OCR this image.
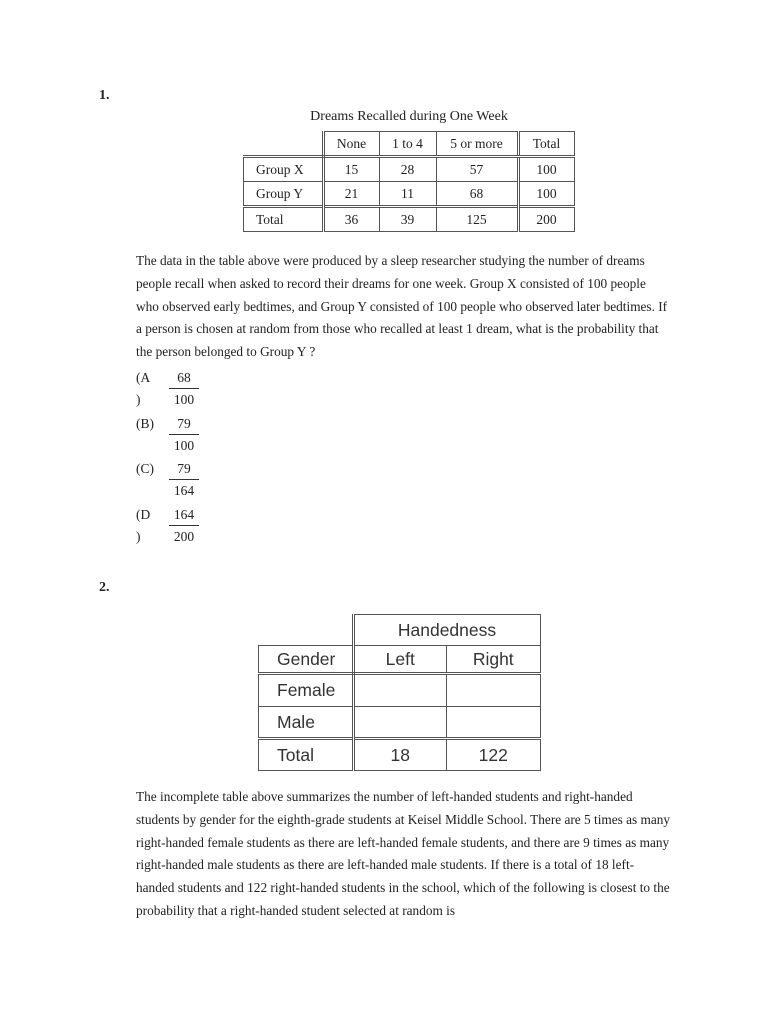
1.
Dreams Recalled during One Week
	None	1 to 4	5 or more	Total
Group X	15	28	57	100
Group Y	21	11	68	100
Total	36	39	125	200
The data in the table above were produced by a sleep researcher studying the number of dreams people recall when asked to record their dreams for one week. Group X consisted of 100 people who observed early bedtimes, and Group Y consisted of 100 people who observed later bedtimes. If a person is chosen at random from those who recalled at least 1 dream, what is the probability that the person belonged to Group Y ?
(A
) $\frac{68}{100}$
$(B) \frac{79}{100}$
$(C) \frac{79}{164}$
(D
) $\frac{164}{200}$
2.
	Handedness	
Gender	Left	Right
Female		
Male		
Total	18	122
The incomplete table above summarizes the number of left-handed students and right-handed students by gender for the eighth-grade students at Keisel Middle School. There are 5 times as many right-handed female students as there are left-handed female students, and there are 9 times as many right-handed male students as there are left-handed male students. If there is a total of 18 left-handed students and 122 right-handed students in the school, which of the following is closest to the probability that a right-handed student selected at random is
